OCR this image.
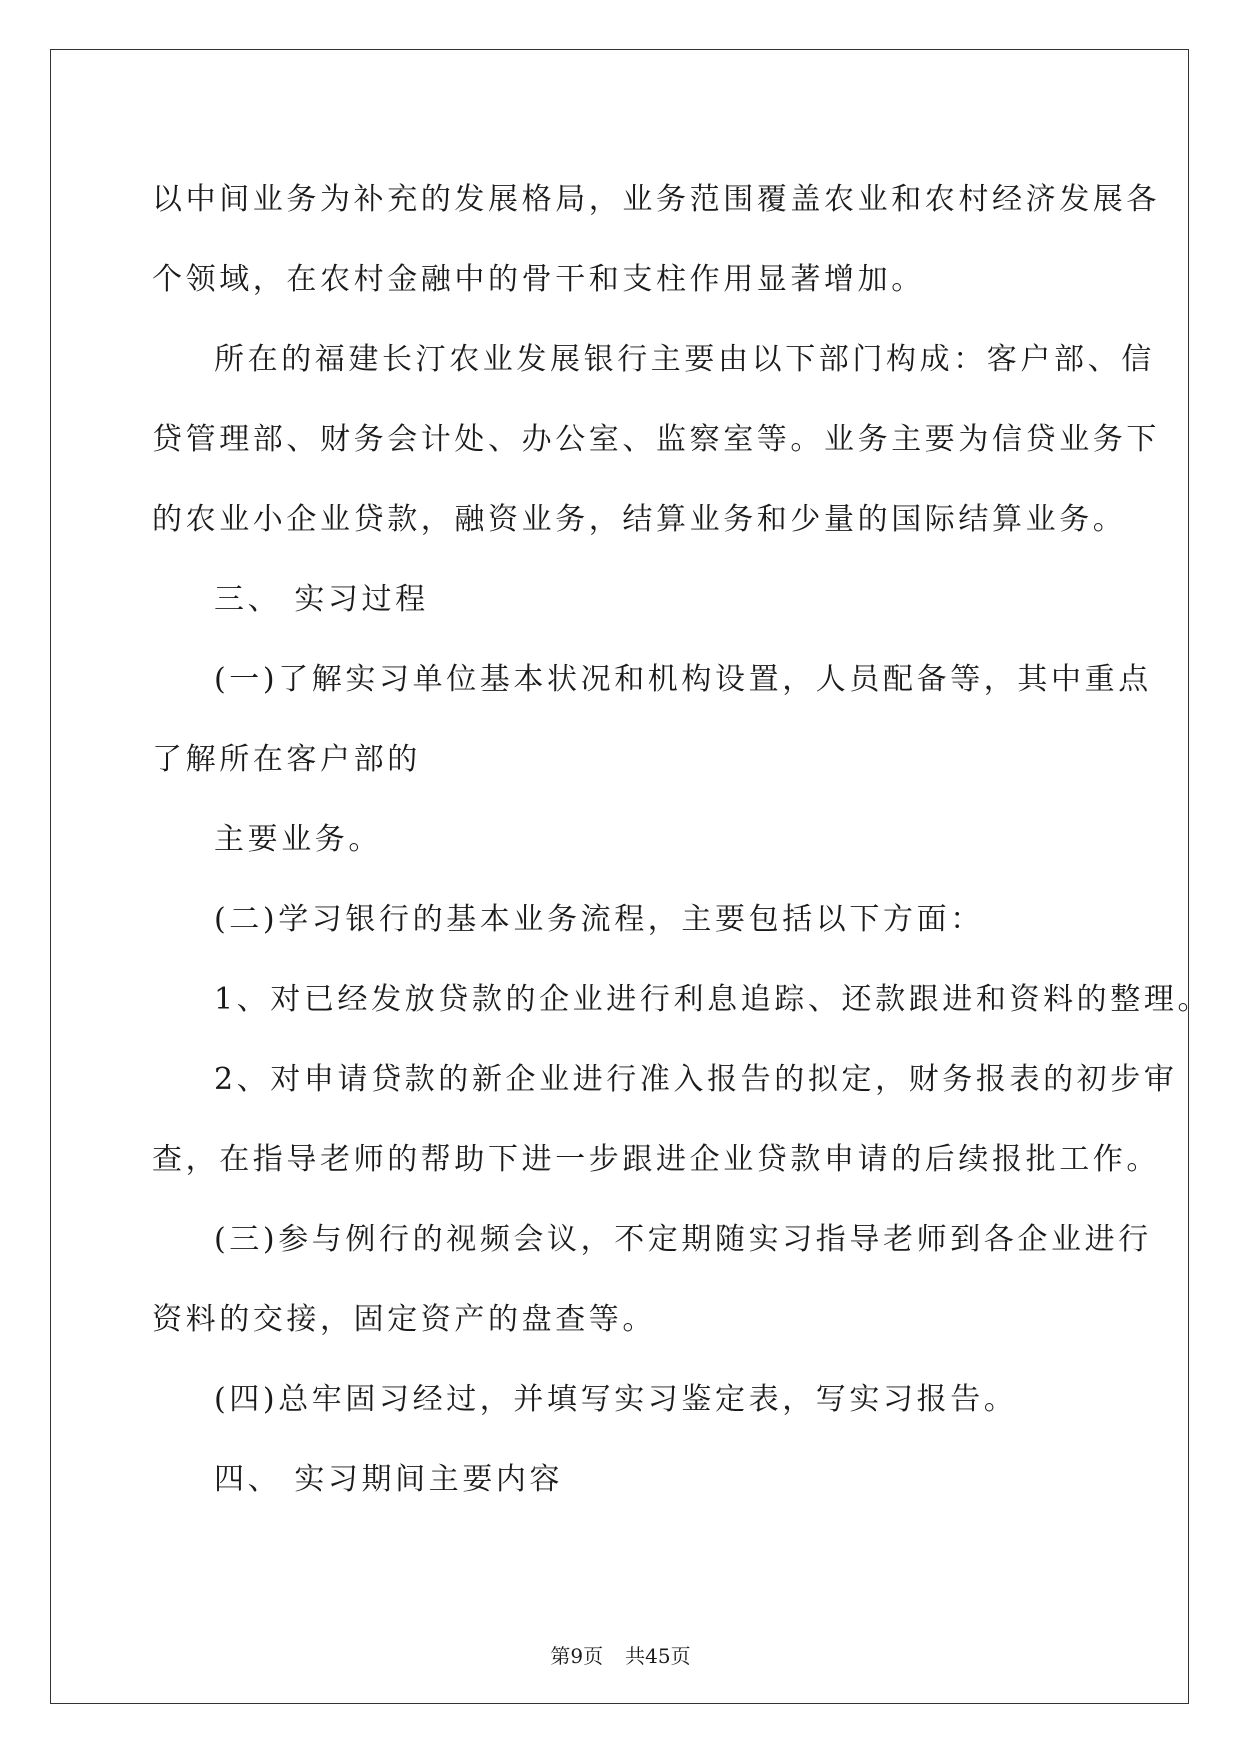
以中间业务为补充的发展格局，业务范围覆盖农业和农村经济发展各

个领域，在农村金融中的骨干和支柱作用显著增加。

所在的福建长汀农业发展银行主要由以下部门构成：客户部、信

贷管理部、财务会计处、办公室、监察室等。业务主要为信贷业务下

的农业小企业贷款，融资业务，结算业务和少量的国际结算业务。

三、 实习过程

(一)了解实习单位基本状况和机构设置，人员配备等，其中重点

了解所在客户部的

主要业务。

(二)学习银行的基本业务流程，主要包括以下方面：

1、对已经发放贷款的企业进行利息追踪、还款跟进和资料的整理。

2、对申请贷款的新企业进行准入报告的拟定，财务报表的初步审

查，在指导老师的帮助下进一步跟进企业贷款申请的后续报批工作。

(三)参与例行的视频会议，不定期随实习指导老师到各企业进行

资料的交接，固定资产的盘查等。

(四)总牢固习经过，并填写实习鉴定表，写实习报告。

四、 实习期间主要内容

第9页 共45页
